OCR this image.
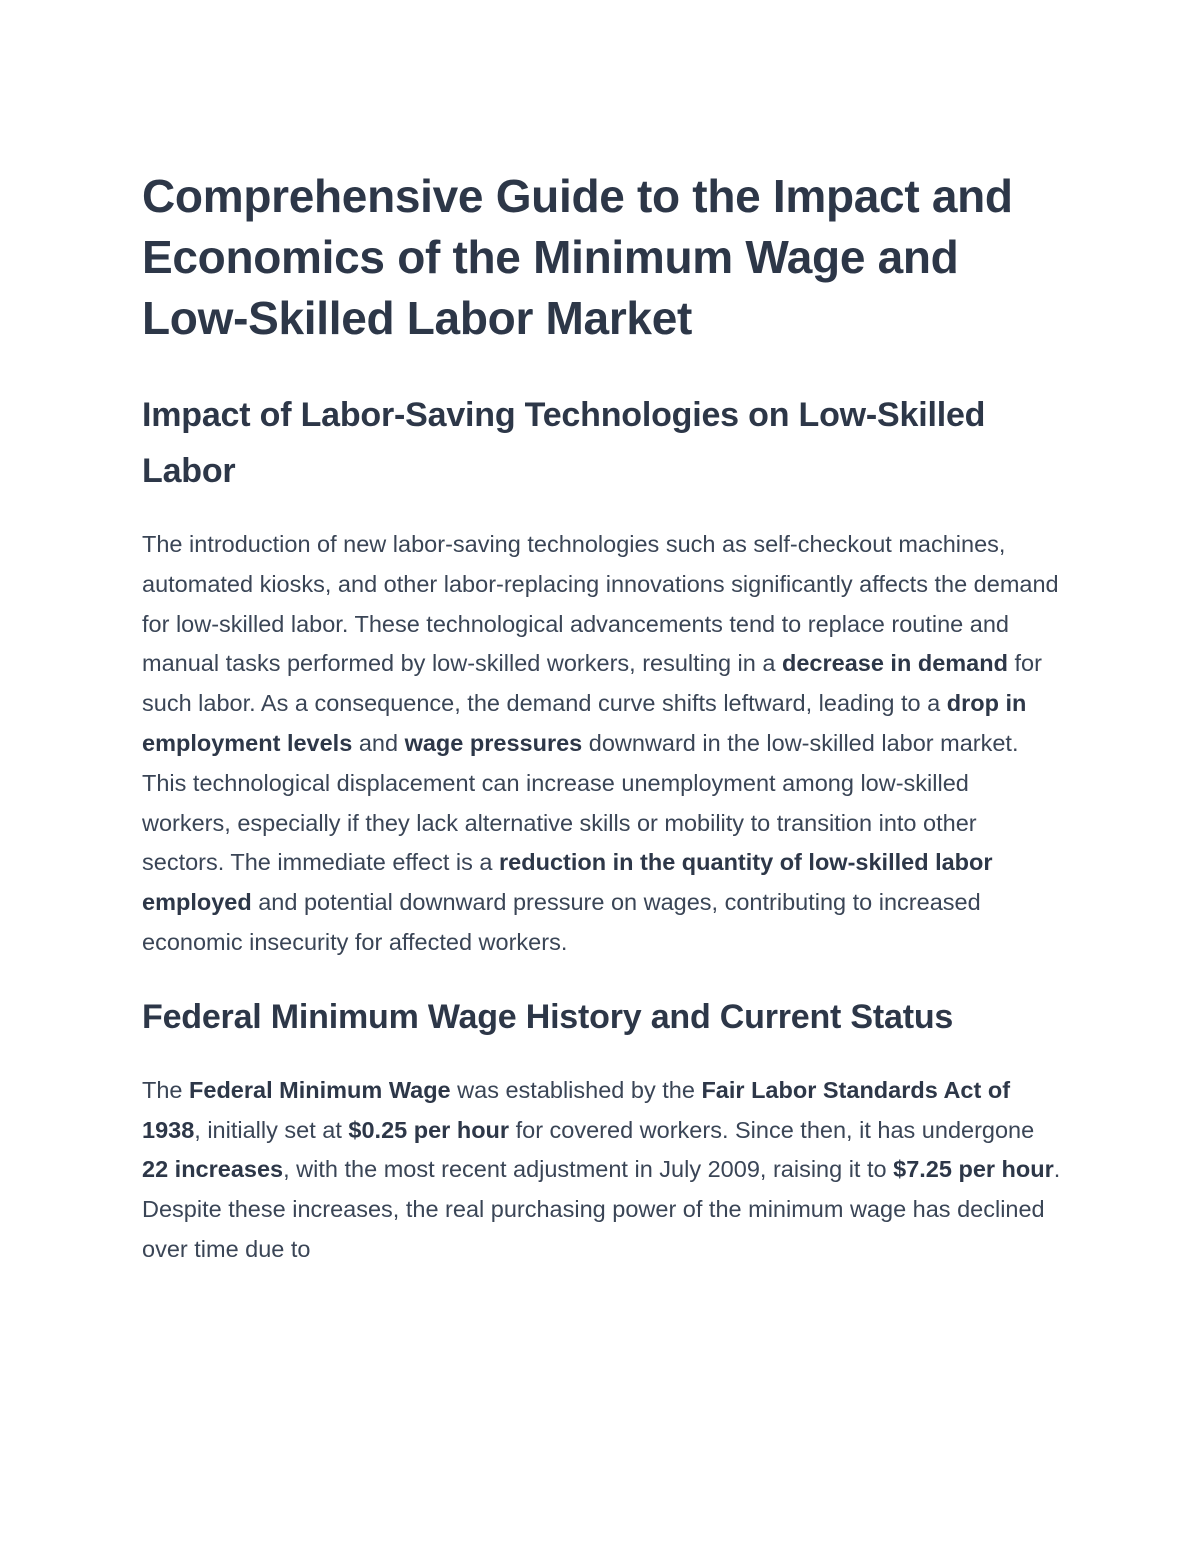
Comprehensive Guide to the Impact and Economics of the Minimum Wage and Low-Skilled Labor Market
Impact of Labor-Saving Technologies on Low-Skilled Labor

The introduction of new labor-saving technologies such as self-checkout machines, automated kiosks, and other labor-replacing innovations significantly affects the demand for low-skilled labor. These technological advancements tend to replace routine and manual tasks performed by low-skilled workers, resulting in a decrease in demand for such labor. As a consequence, the demand curve shifts leftward, leading to a drop in employment levels and wage pressures downward in the low-skilled labor market. This technological displacement can increase unemployment among low-skilled workers, especially if they lack alternative skills or mobility to transition into other sectors. The immediate effect is a reduction in the quantity of low-skilled labor employed and potential downward pressure on wages, contributing to increased economic insecurity for affected workers.

Federal Minimum Wage History and Current Status

The Federal Minimum Wage was established by the Fair Labor Standards Act of 1938, initially set at $0.25 per hour for covered workers. Since then, it has undergone 22 increases, with the most recent adjustment in July 2009, raising it to $7.25 per hour. Despite these increases, the real purchasing power of the minimum wage has declined over time due to
